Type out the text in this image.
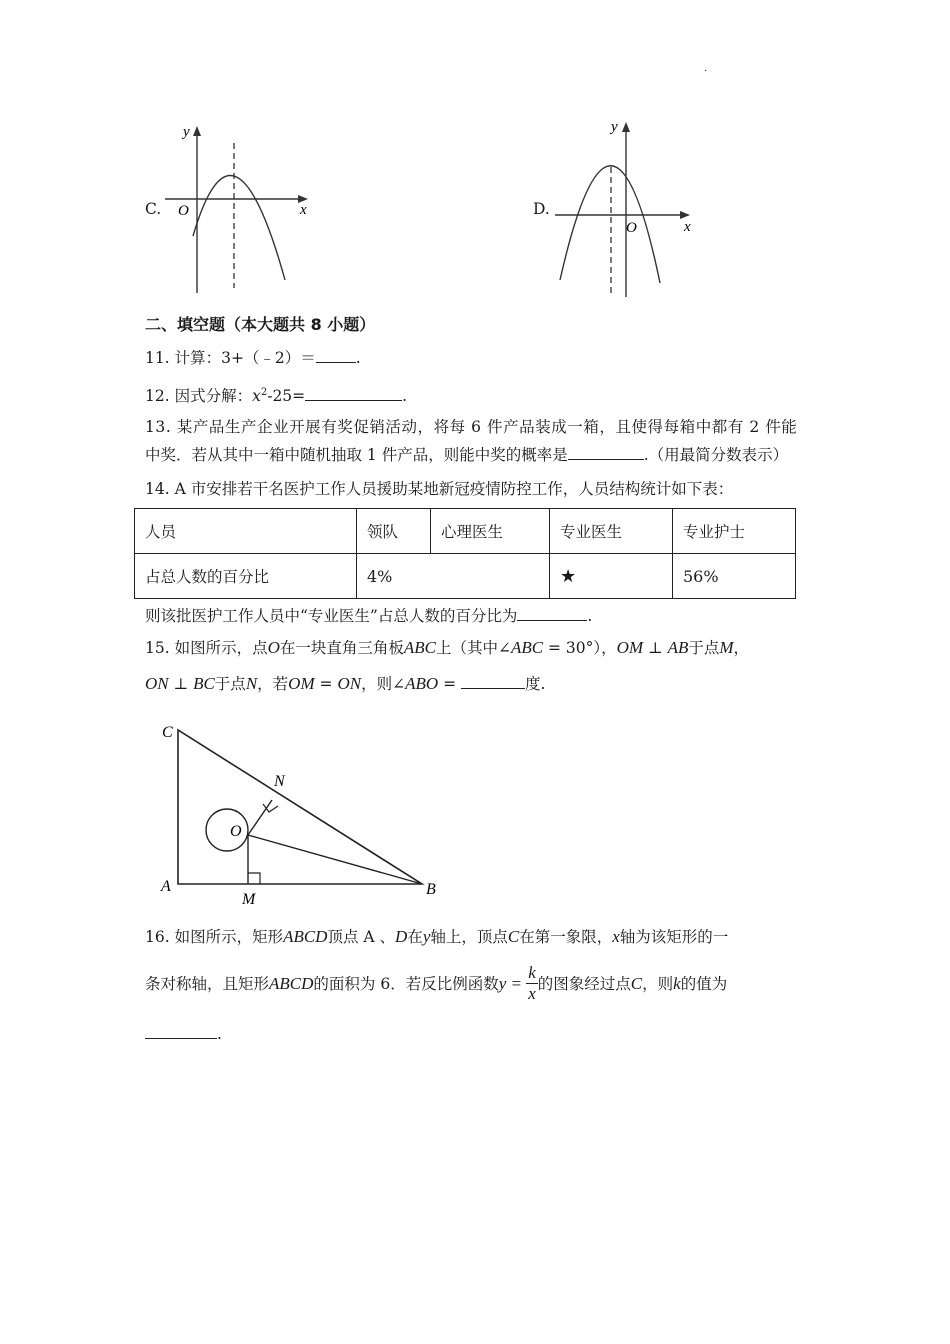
·
C.
y
x
O	D.
y
x
O
二、填空题（本大题共 8 小题）
11. 计算：3+（﹣2）＝	.
12. 因式分解：$x^2-25=$	.
13. 某产品生产企业开展有奖促销活动，将每 6 件产品装成一箱，且使得每箱中都有 2 件能
中奖．若从其中一箱中随机抽取 1 件产品，则能中奖的概率是	.（用最简分数表示）
14. A 市安排若干名医护工作人员援助某地新冠疫情防控工作，人员结构统计如下表：
人员	领队	心理医生	专业医生	专业护士
占总人数的百分比	4%		★	56%
则该批医护工作人员中“专业医生”占总人数的百分比为	.
15. 如图所示，点O在一块直角三角板ABC上（其中∠ABC = 30°），OM ⊥ AB于点M，
ON ⊥ BC于点N，若OM = ON，则∠ABO =	度.
C
A
M
B
N
O
16. 如图所示，矩形ABCD顶点 A 、D在y轴上，顶点C在第一象限，x轴为该矩形的一
条对称轴，且矩形ABCD的面积为 6．若反比例函数$y = \frac{k}{x}$ 的图象经过点C，则k的值为
.
